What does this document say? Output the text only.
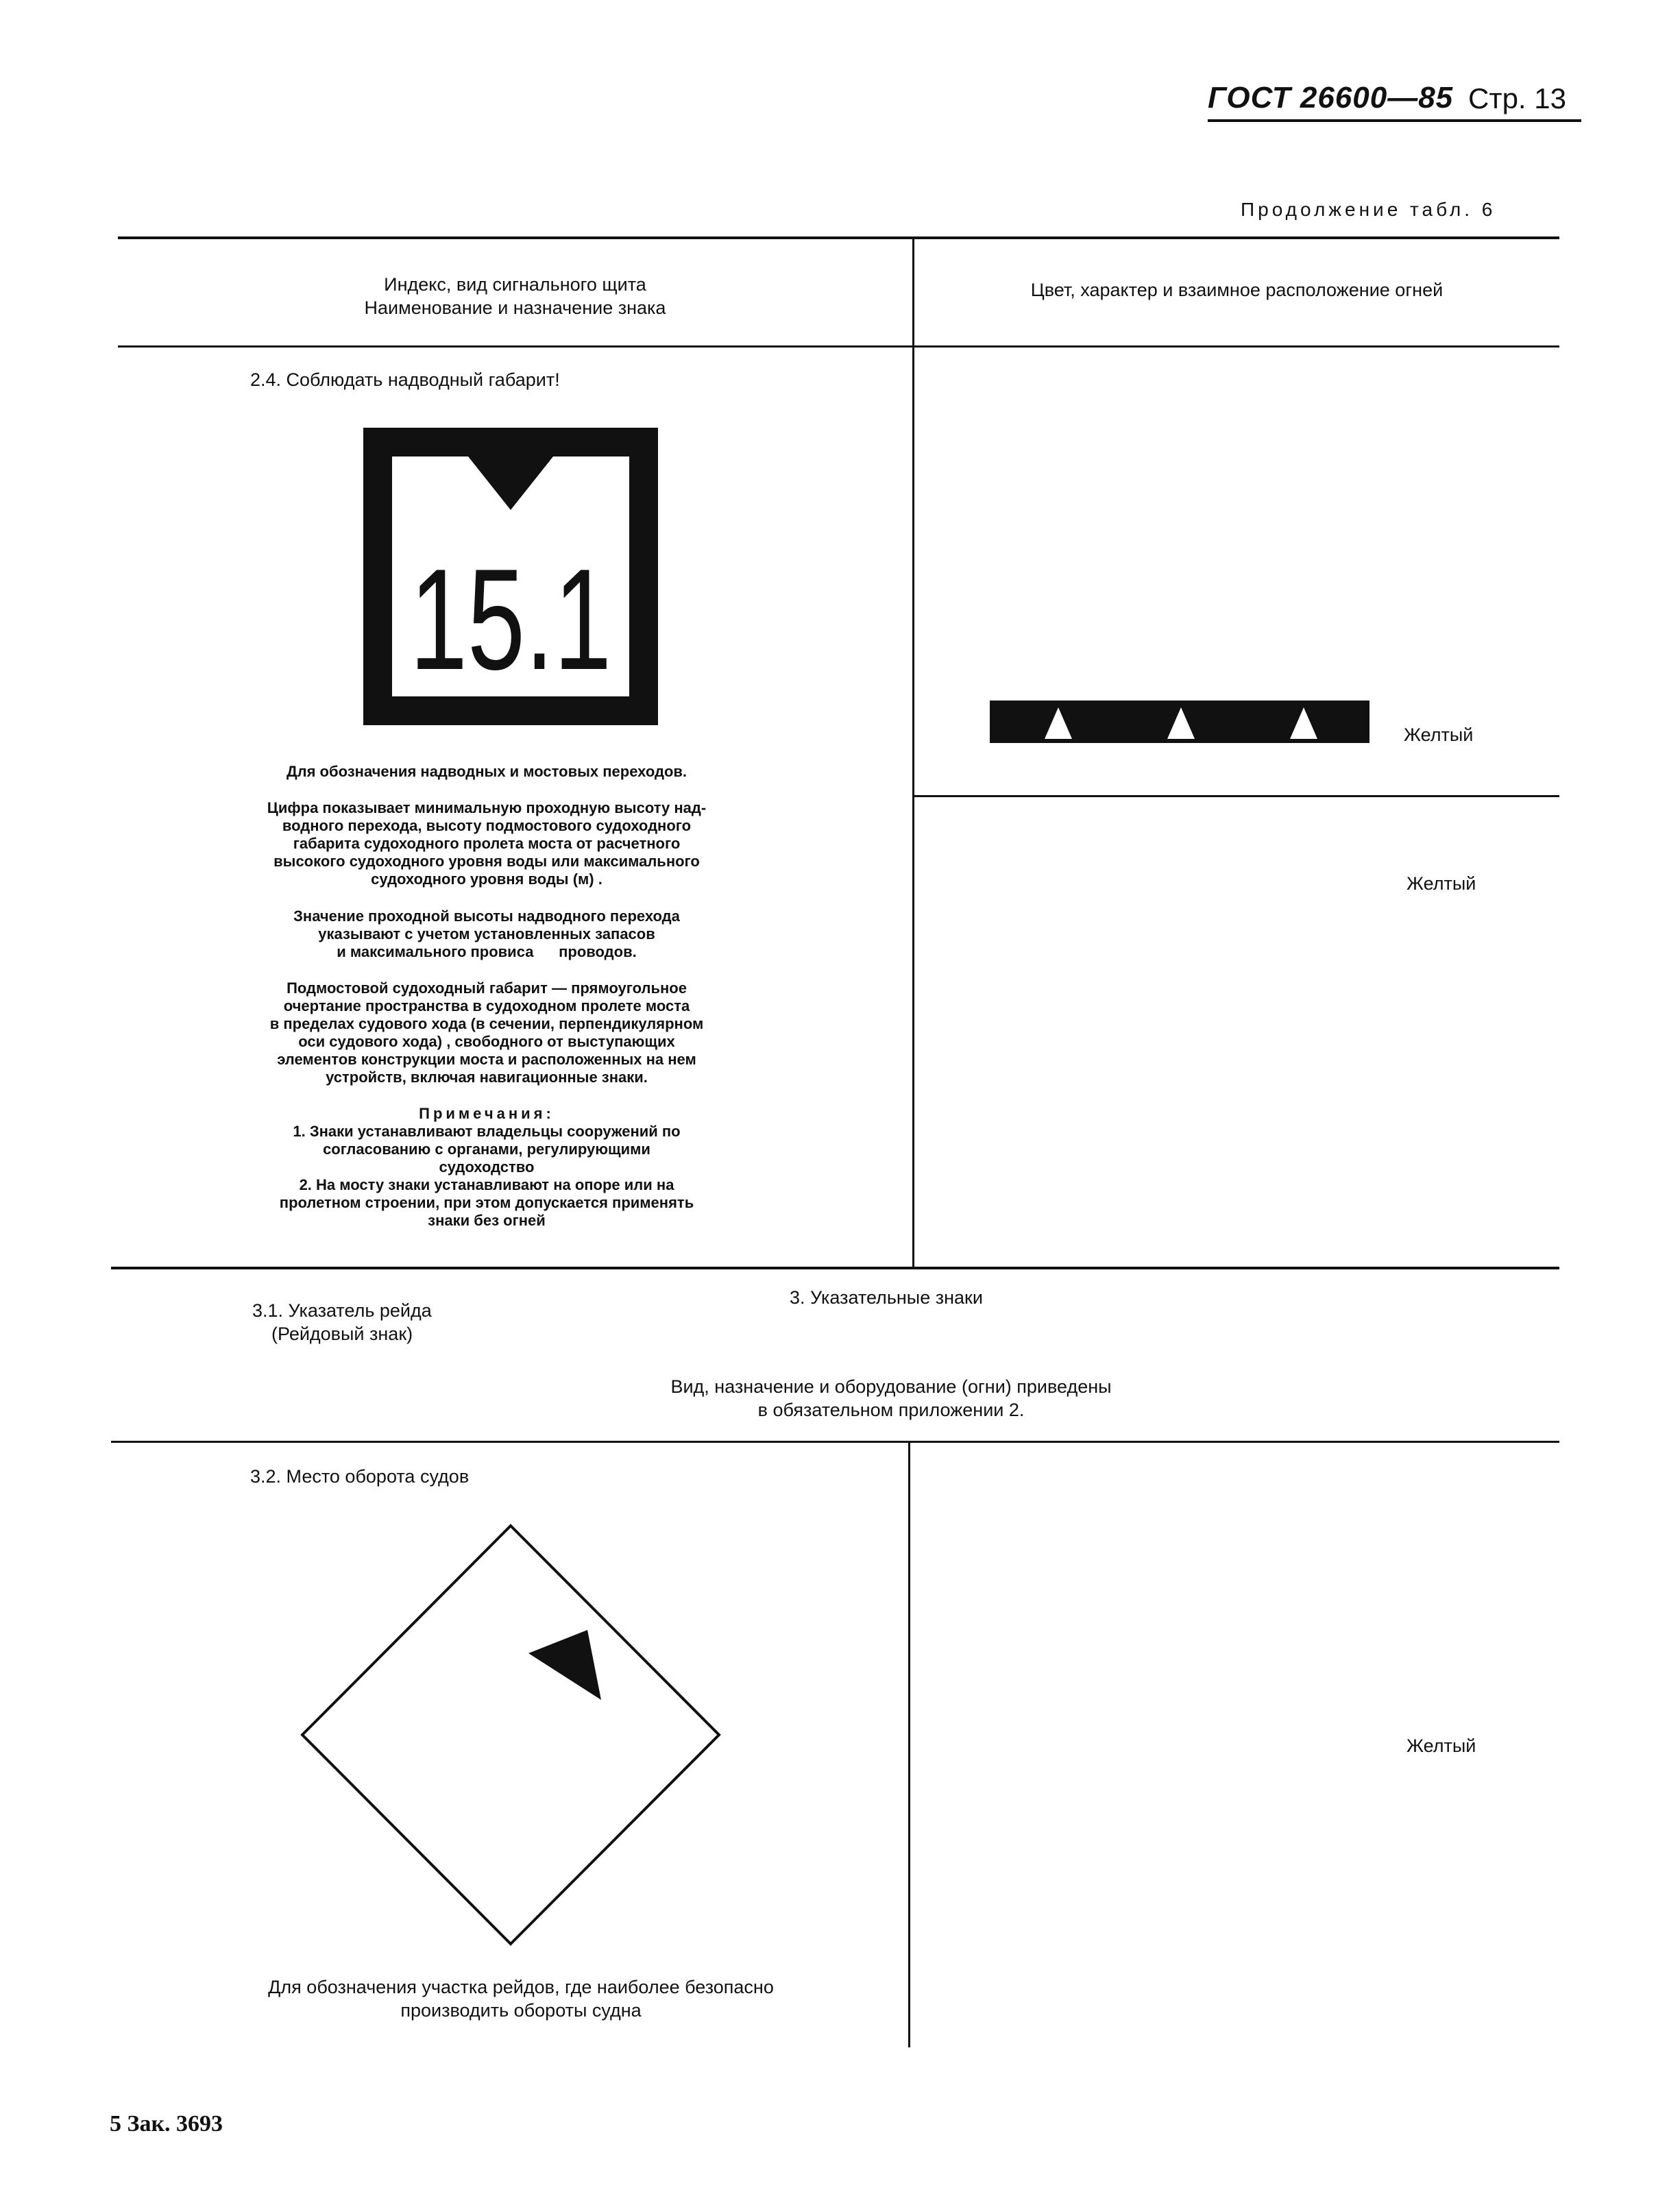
ГОСТ 26600—85 Стр. 13
Продолжение табл. 6
Индекс, вид сигнального щита
Наименование и назначение знака
Цвет, характер и взаимное расположение огней
2.4. Соблюдать надводный габарит!
15.1
Для обозначения надводных и мостовых переходов.
Цифра показывает минимальную проходную высоту над-
водного перехода, высоту подмостового судоходного
габарита судоходного пролета моста от расчетного
высокого судоходного уровня воды или максимального
судоходного уровня воды (м) .
Значение проходной высоты надводного перехода
указывают с учетом установленных запасов
и максимального провиса      проводов.
Подмостовой судоходный габарит — прямоугольное
очертание пространства в судоходном пролете моста
в пределах судового хода (в сечении, перпендикулярном
оси судового хода) , свободного от выступающих
элементов конструкции моста и расположенных на нем
устройств, включая навигационные знаки.
Примечания:
1. Знаки устанавливают владельцы сооружений по
согласованию с органами, регулирующими
судоходство
2. На мосту знаки устанавливают на опоре или на
пролетном строении, при этом допускается применять
знаки без огней
Желтый
Желтый
3. Указательные знаки
3.1. Указатель рейда
(Рейдовый знак)
Вид, назначение и оборудование (огни) приведены
в обязательном приложении 2.
3.2. Место оборота судов
Для обозначения участка рейдов, где наиболее безопасно
производить обороты судна
Желтый
5 Зак. 3693
